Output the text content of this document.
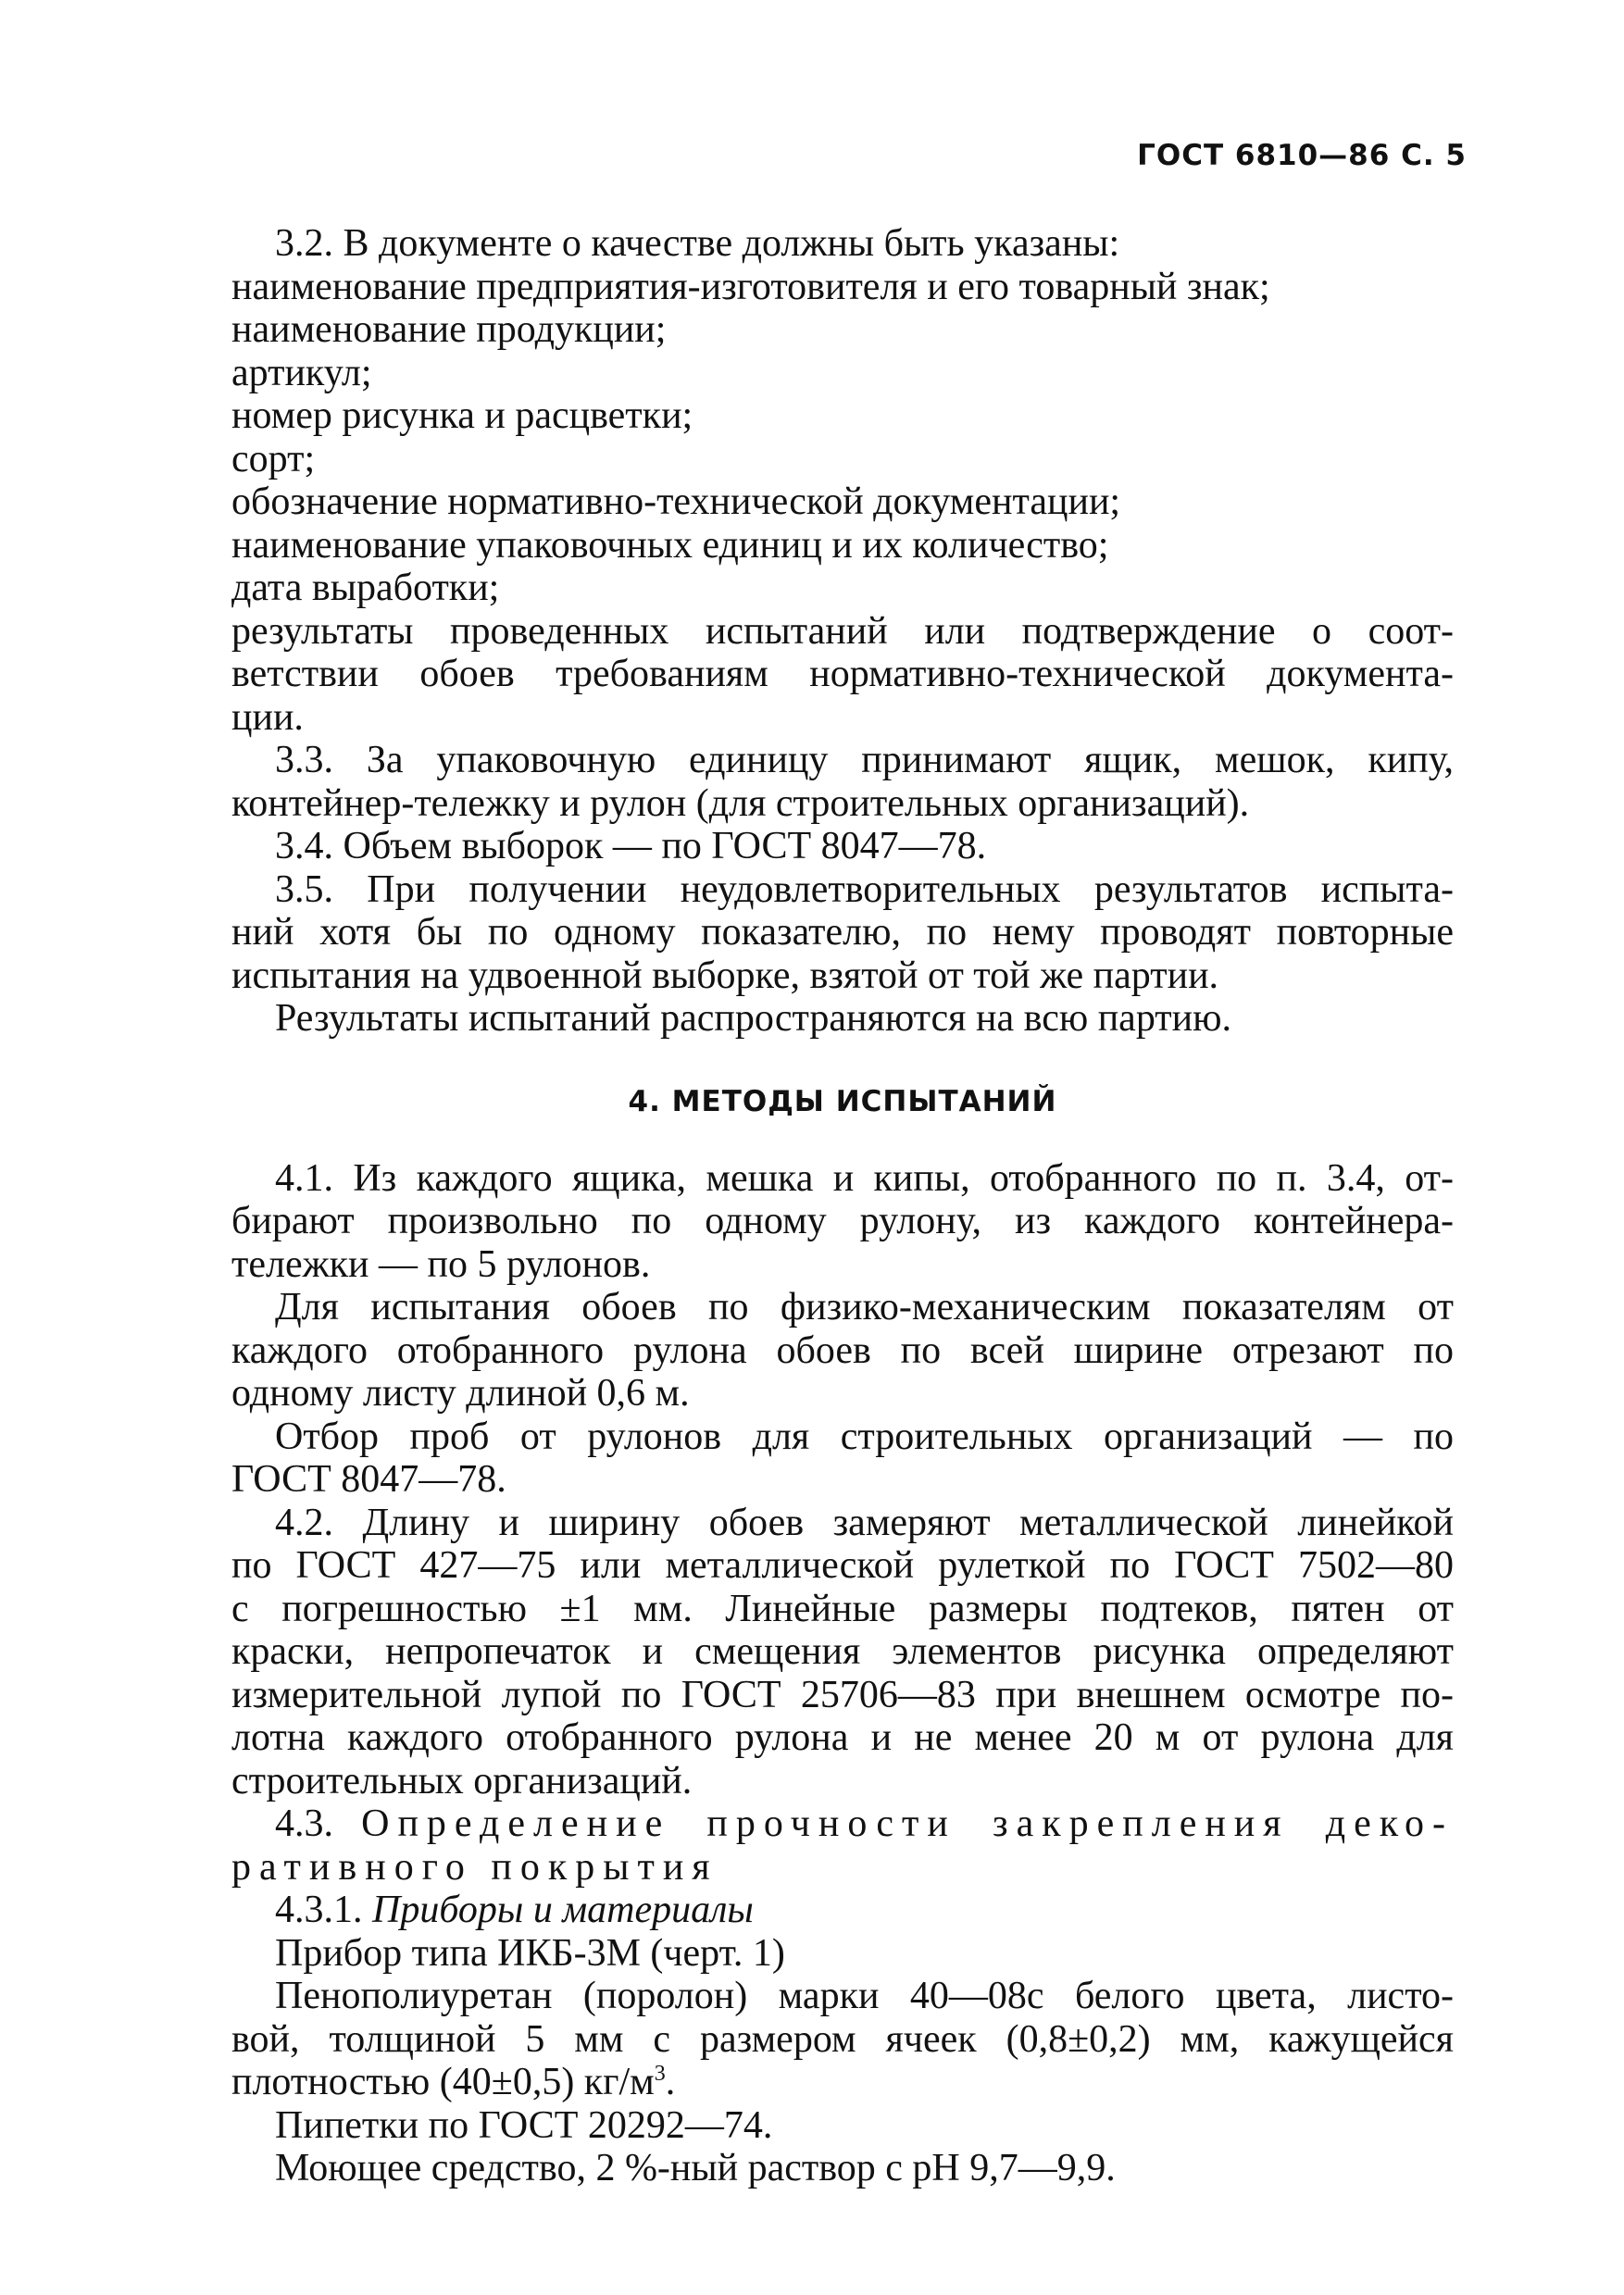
ГОСТ 6810—86 С. 5

3.2. В документе о качестве должны быть указаны:

наименование предприятия-изготовителя и его товарный знак;

наименование продукции;

артикул;

номер рисунка и расцветки;

сорт;

обозначение нормативно-технической документации;

наименование упаковочных единиц и их количество;

дата выработки;

результаты проведенных испытаний или подтверждение о соот-

ветствии обоев требованиям нормативно-технической документа-

ции.

3.3. За упаковочную единицу принимают ящик, мешок, кипу,

контейнер-тележку и рулон (для строительных организаций).

3.4. Объем выборок — по ГОСТ 8047—78.

3.5. При получении неудовлетворительных результатов испыта-

ний хотя бы по одному показателю, по нему проводят повторные

испытания на удвоенной выборке, взятой от той же партии.

Результаты испытаний распространяются на всю партию.

4. МЕТОДЫ ИСПЫТАНИЙ

4.1. Из каждого ящика, мешка и кипы, отобранного по п. 3.4, от-

бирают произвольно по одному рулону, из каждого контейнера-

тележки — по 5 рулонов.

Для испытания обоев по физико-механическим показателям от

каждого отобранного рулона обоев по всей ширине отрезают по

одному листу длиной 0,6 м.

Отбор проб от рулонов для строительных организаций — по

ГОСТ 8047—78.

4.2. Длину и ширину обоев замеряют металлической линейкой

по ГОСТ 427—75 или металлической рулеткой по ГОСТ 7502—80

с погрешностью ±1 мм. Линейные размеры подтеков, пятен от

краски, непропечаток и смещения элементов рисунка определяют

измерительной лупой по ГОСТ 25706—83 при внешнем осмотре по-

лотна каждого отобранного рулона и не менее 20 м от рулона для

строительных организаций.

4.3. Определение прочности закрепления деко-

ративного покрытия

4.3.1. Приборы и материалы

Прибор типа ИКБ-3М (черт. 1)

Пенополиуретан (поролон) марки 40—08с белого цвета, листо-

вой, толщиной 5 мм с размером ячеек (0,8±0,2) мм, кажущейся

плотностью (40±0,5) $кг/м^3$.

Пипетки по ГОСТ 20292—74.

Моющее средство, 2 %-ный раствор с рН 9,7—9,9.
